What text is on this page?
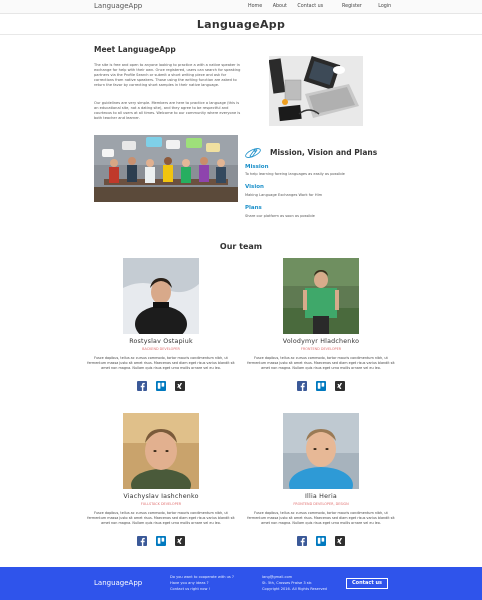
LanguageApp	Home About Contact us	Register	Login
LanguageApp
Meet LanguageApp
The site is free and open to anyone looking to practice a with a native speaker in exchange for help with their own. Once registered, users can search for speaking partners via the Profile Search or submit a short writing piece and ask for corrections from native speakers. Those using the writing function are asked to return the favor by correcting short samples in their native language.
Our guidelines are very simple. Members are here to practice a language (this is an educational site, not a dating site), and they agree to be respectful and
courteous to all users at all times. Welcome to our community where everyone is both teacher and learner.
Mission, Vision and Plans
Mission
To help learning foreing languages as easily as possible
Vision
Making Language Exchanges Work for Him
Plans
Share our platform as soon as possible
Our team
Rostyslav Ostapiuk
BACKEND DEVELOPER
Fusce dapibus, tellus ac cursus commodo, tortor mauris condimentum nibh, ut fermentum massa justo sit amet risus. Maecenas sed diam eget risus varius blandit sit amet non magna. Nullam quis risus eget urna mollis ornare vel eu leo.

Volodymyr Hladchenko
FRONTEND DEVELOPER
Fusce dapibus, tellus ac cursus commodo, tortor mauris condimentum nibh, ut fermentum massa justo sit amet risus. Maecenas sed diam eget risus varius blandit sit amet non magna. Nullam quis risus eget urna mollis ornare vel eu leo.

Viachyslav Iashchenko
FULLSTACK DEVELOPER
Fusce dapibus, tellus ac cursus commodo, tortor mauris condimentum nibh, ut fermentum massa justo sit amet risus. Maecenas sed diam eget risus varius blandit sit amet non magna. Nullam quis risus eget urna mollis ornare vel eu leo.

Illia Heria
FRONTEND DEVELOPER, DESIGN
Fusce dapibus, tellus ac cursus commodo, tortor mauris condimentum nibh, ut fermentum massa justo sit amet risus. Maecenas sed diam eget risus varius blandit sit amet non magna. Nullam quis risus eget urna mollis ornare vel eu leo.

LanguageApp
Do you want to cooperate with us ?
Have you any ideas ?
Contact us right now !
lang@gmail.com
St. 5th, Crosses Praise 3 str.
Copyright 2016. All Rights Reserved
Contact us
